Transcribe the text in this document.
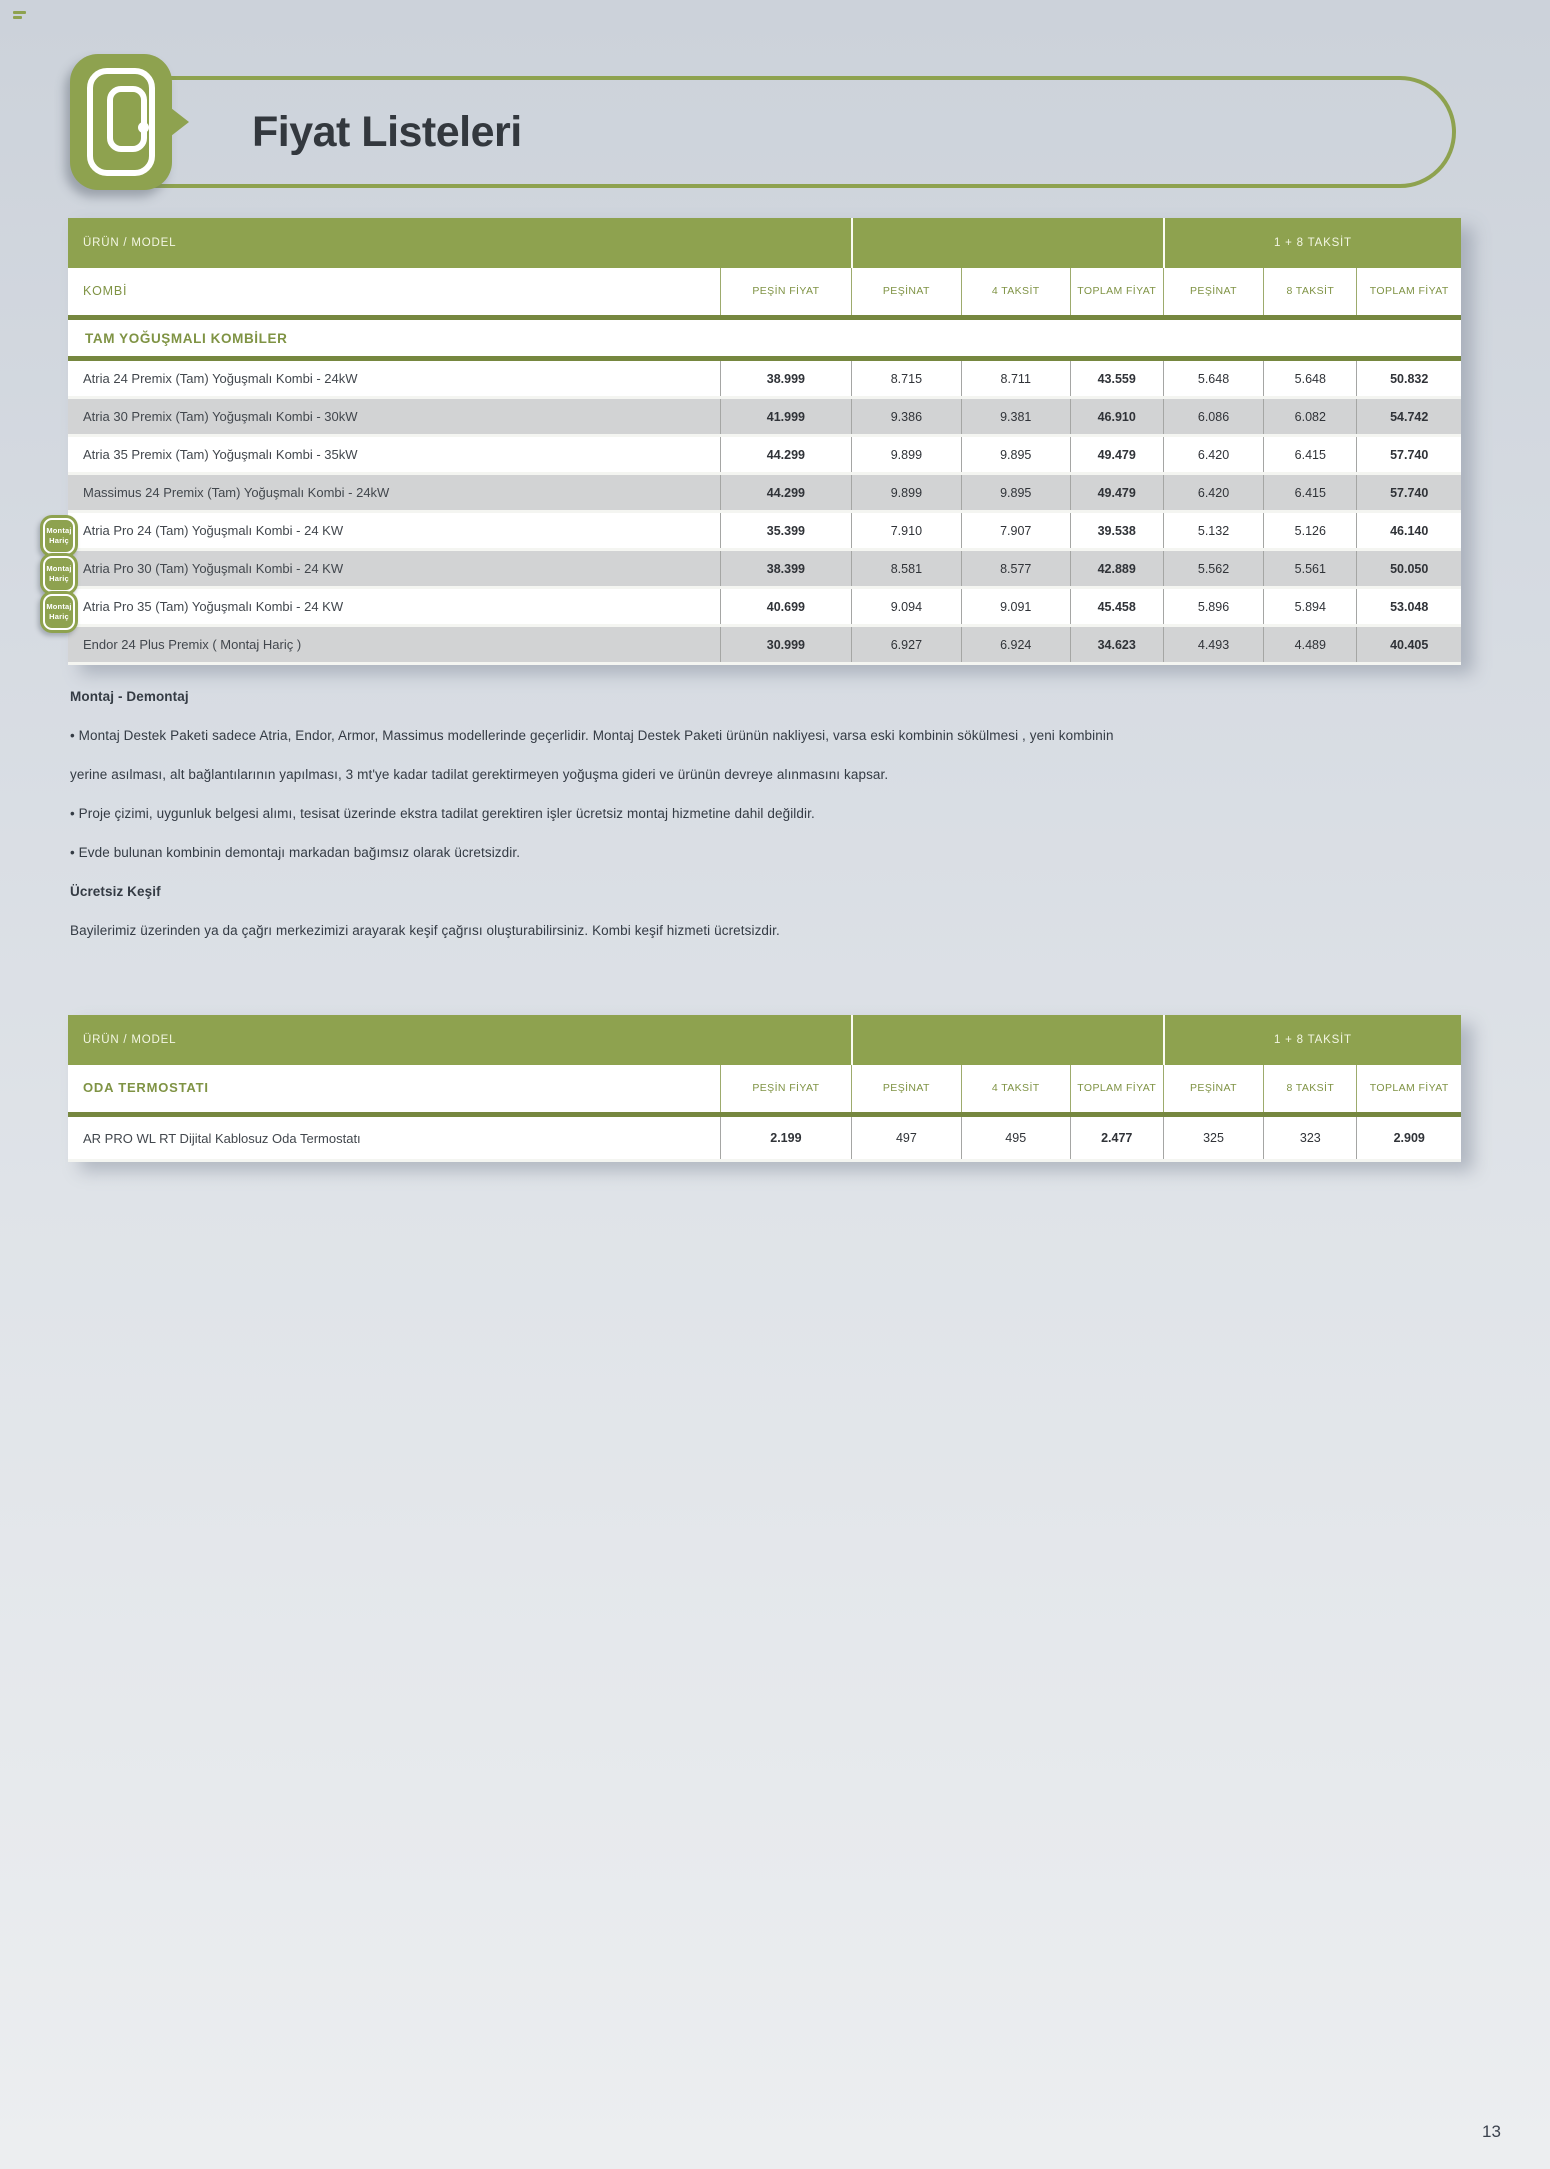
Fiyat Listeleri
ÜRÜN / MODEL	1 + 8 TAKSİT
KOMBİ	PEŞİN FİYAT	PEŞİNAT	4 TAKSİT	TOPLAM FİYAT	PEŞİNAT	8 TAKSİT	TOPLAM FİYAT
TAM YOĞUŞMALI KOMBİLER
Atria 24 Premix (Tam) Yoğuşmalı Kombi - 24kW	38.999	8.715	8.711	43.559	5.648	5.648	50.832
Atria 30 Premix (Tam) Yoğuşmalı Kombi - 30kW	41.999	9.386	9.381	46.910	6.086	6.082	54.742
Atria 35 Premix (Tam) Yoğuşmalı Kombi - 35kW	44.299	9.899	9.895	49.479	6.420	6.415	57.740
Massimus 24 Premix (Tam) Yoğuşmalı Kombi - 24kW	44.299	9.899	9.895	49.479	6.420	6.415	57.740
Atria Pro 24 (Tam) Yoğuşmalı Kombi - 24 KW	35.399	7.910	7.907	39.538	5.132	5.126	46.140
Atria Pro 30 (Tam) Yoğuşmalı Kombi - 24 KW	38.399	8.581	8.577	42.889	5.562	5.561	50.050
Atria Pro 35 (Tam) Yoğuşmalı Kombi - 24 KW	40.699	9.094	9.091	45.458	5.896	5.894	53.048
Endor 24 Plus Premix ( Montaj Hariç )	30.999	6.927	6.924	34.623	4.493	4.489	40.405
Montaj
Hariç
Montaj
Hariç
Montaj
Hariç
Montaj - Demontaj
• Montaj Destek Paketi sadece Atria, Endor, Armor, Massimus modellerinde geçerlidir. Montaj Destek Paketi ürünün nakliyesi, varsa eski kombinin sökülmesi , yeni kombinin
yerine asılması, alt bağlantılarının yapılması, 3 mt'ye kadar tadilat gerektirmeyen yoğuşma gideri ve ürünün devreye alınmasını kapsar.
• Proje çizimi, uygunluk belgesi alımı, tesisat üzerinde ekstra tadilat gerektiren işler ücretsiz montaj hizmetine dahil değildir.
• Evde bulunan kombinin demontajı markadan bağımsız olarak ücretsizdir.
Ücretsiz Keşif
Bayilerimiz üzerinden ya da çağrı merkezimizi arayarak keşif çağrısı oluşturabilirsiniz. Kombi keşif hizmeti ücretsizdir.
ÜRÜN / MODEL	1 + 8 TAKSİT
ODA TERMOSTATI	PEŞİN FİYAT	PEŞİNAT	4 TAKSİT	TOPLAM FİYAT	PEŞİNAT	8 TAKSİT	TOPLAM FİYAT
AR PRO WL RT Dijital Kablosuz Oda Termostatı	2.199	497	495	2.477	325	323	2.909
13
